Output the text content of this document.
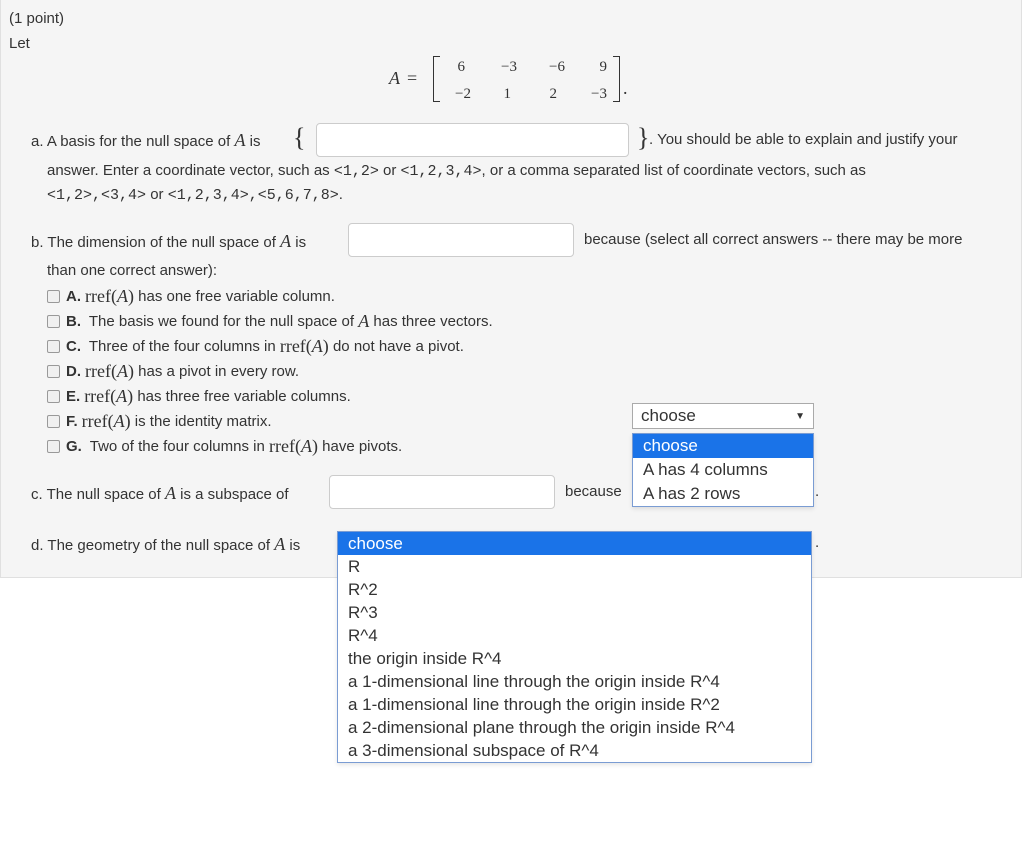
(1 point)
Let
A =
6	−3	−6	9
−2	1	2	−3 .
a. A basis for the null space of A is {	} . You should be able to explain and justify your
answer. Enter a coordinate vector, such as <1,2> or <1,2,3,4>, or a comma separated list of coordinate vectors, such as
<1,2>,<3,4> or <1,2,3,4>,<5,6,7,8>.
b. The dimension of the null space of A is	because (select all correct answers -- there may be more
than one correct answer):
A. rref( A ) has one free variable column.
B. The basis we found for the null space of A has three vectors.
C. Three of the four columns in rref( A ) do not have a pivot.
D. rref( A ) has a pivot in every row.
E. rref( A ) has three free variable columns.
F. rref( A ) is the identity matrix.
G. Two of the four columns in rref( A ) have pivots.
c. The null space of A is a subspace of	because	.
d. The geometry of the null space of A is	.
choose	▼
choose
A has 4 columns
A has 2 rows
choose
R
R^2
R^3
R^4
the origin inside R^4
a 1-dimensional line through the origin inside R^4
a 1-dimensional line through the origin inside R^2
a 2-dimensional plane through the origin inside R^4
a 3-dimensional subspace of R^4
